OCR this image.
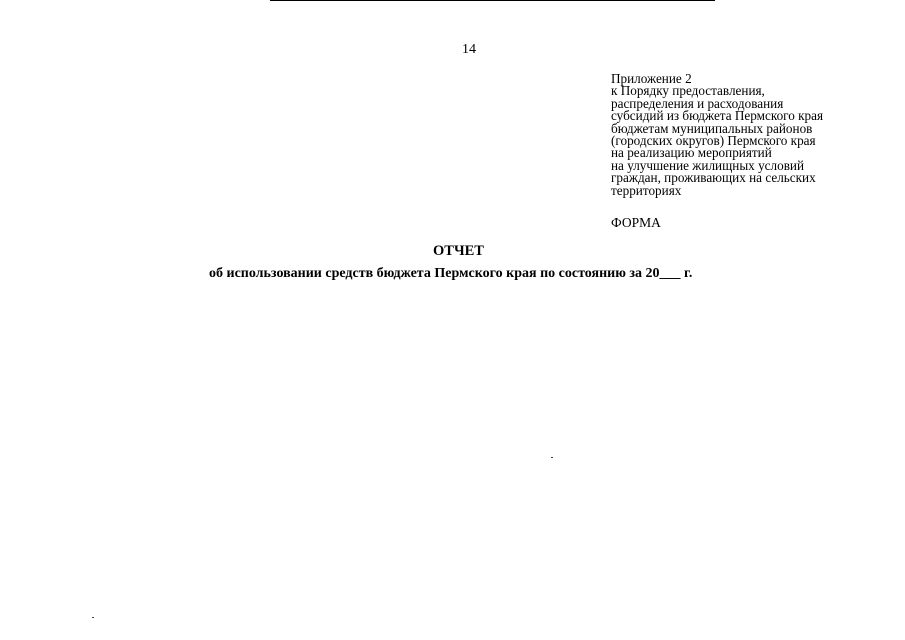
14
Приложение 2
к Порядку предоставления,
распределения и расходования
субсидий из бюджета Пермского края
бюджетам муниципальных районов
(городских округов) Пермского края
на реализацию мероприятий
на улучшение жилищных условий
граждан, проживающих на сельских
территориях
ФОРМА
ОТЧЕТ
об использовании средств бюджета Пермского края по состоянию за 20___ г.
